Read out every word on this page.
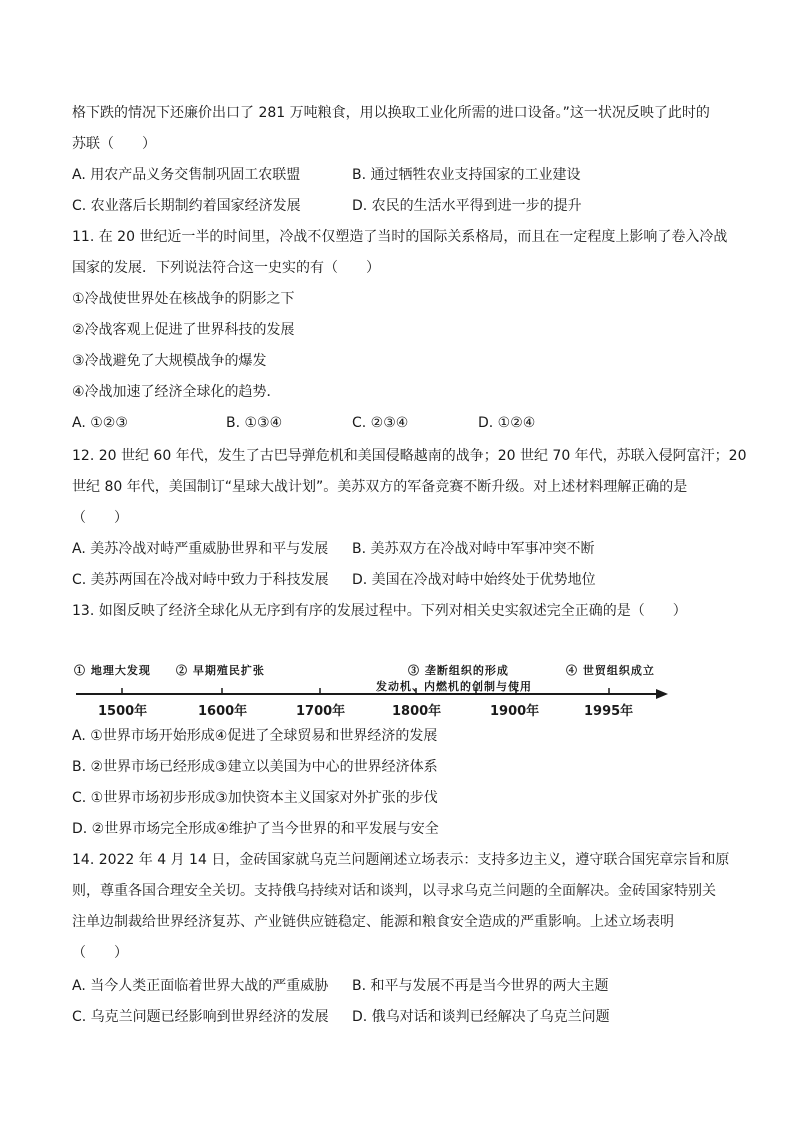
格下跌的情况下还廉价出口了 281 万吨粮食，用以换取工业化所需的进口设备。”这一状况反映了此时的

苏联（　　）

A. 用农产品义务交售制巩固工农联盟	B. 通过牺牲农业支持国家的工业建设

C. 农业落后长期制约着国家经济发展	D. 农民的生活水平得到进一步的提升

11. 在 20 世纪近一半的时间里，冷战不仅塑造了当时的国际关系格局，而且在一定程度上影响了卷入冷战

国家的发展．下列说法符合这一史实的有（　　）

①冷战使世界处在核战争的阴影之下

②冷战客观上促进了世界科技的发展

③冷战避免了大规模战争的爆发

④冷战加速了经济全球化的趋势．

A. ①②③	B. ①③④	C. ②③④	D. ①②④

12. 20 世纪 60 年代，发生了古巴导弹危机和美国侵略越南的战争；20 世纪 70 年代，苏联入侵阿富汗；20

世纪 80 年代，美国制订“星球大战计划”。美苏双方的军备竞赛不断升级。对上述材料理解正确的是

（　　）

A. 美苏冷战对峙严重威胁世界和平与发展 B. 美苏双方在冷战对峙中军事冲突不断

C. 美苏两国在冷战对峙中致力于科技发展 D. 美国在冷战对峙中始终处于优势地位

13. 如图反映了经济全球化从无序到有序的发展过程中。下列对相关史实叙述完全正确的是（　　）

① 地理大发现 ② 早期殖民扩张	③ 垄断组织的形成
发动机、内燃机的创制与使用
④ 世贸组织成立
1500年	1600年	1700年	1800年	1900年	1995年

A. ①世界市场开始形成④促进了全球贸易和世界经济的发展

B. ②世界市场已经形成③建立以美国为中心的世界经济体系

C. ①世界市场初步形成③加快资本主义国家对外扩张的步伐

D. ②世界市场完全形成④维护了当今世界的和平发展与安全

14. 2022 年 4 月 14 日，金砖国家就乌克兰问题阐述立场表示：支持多边主义，遵守联合国宪章宗旨和原

则，尊重各国合理安全关切。支持俄乌持续对话和谈判，以寻求乌克兰问题的全面解决。金砖国家特别关

注单边制裁给世界经济复苏、产业链供应链稳定、能源和粮食安全造成的严重影响。上述立场表明

（　　）

A. 当今人类正面临着世界大战的严重威胁 B. 和平与发展不再是当今世界的两大主题

C. 乌克兰问题已经影响到世界经济的发展 D. 俄乌对话和谈判已经解决了乌克兰问题
